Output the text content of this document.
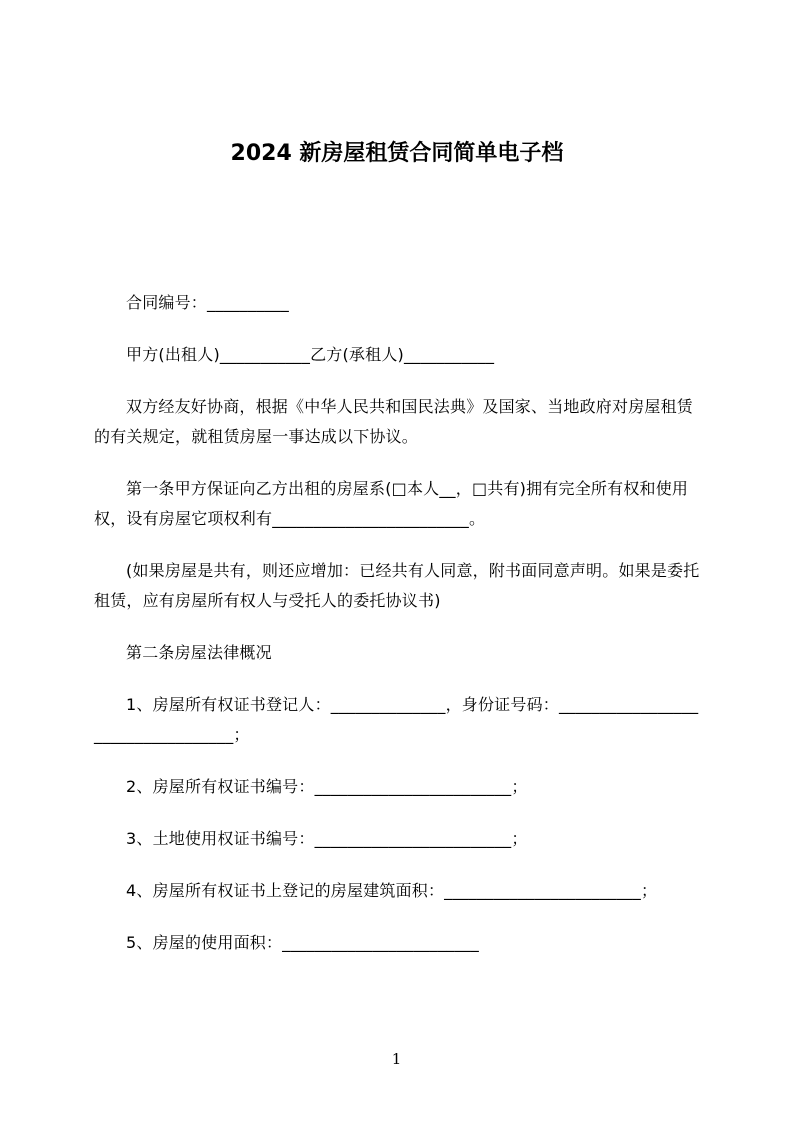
2024 新房屋租赁合同简单电子档

合同编号：__________

甲方(出租人)___________乙方(承租人)___________

双方经友好协商，根据《中华人民共和国民法典》及国家、当地政府对房屋租赁的有关规定，就租赁房屋一事达成以下协议。

第一条甲方保证向乙方出租的房屋系(□本人__，□共有)拥有完全所有权和使用权，设有房屋它项权利有________________________。

(如果房屋是共有，则还应增加：已经共有人同意，附书面同意声明。如果是委托租赁，应有房屋所有权人与受托人的委托协议书)

第二条房屋法律概况

1、房屋所有权证书登记人：______________，身份证号码：__________________________________；

2、房屋所有权证书编号：________________________；

3、土地使用权证书编号：________________________；

4、房屋所有权证书上登记的房屋建筑面积：________________________；

5、房屋的使用面积：________________________

1
